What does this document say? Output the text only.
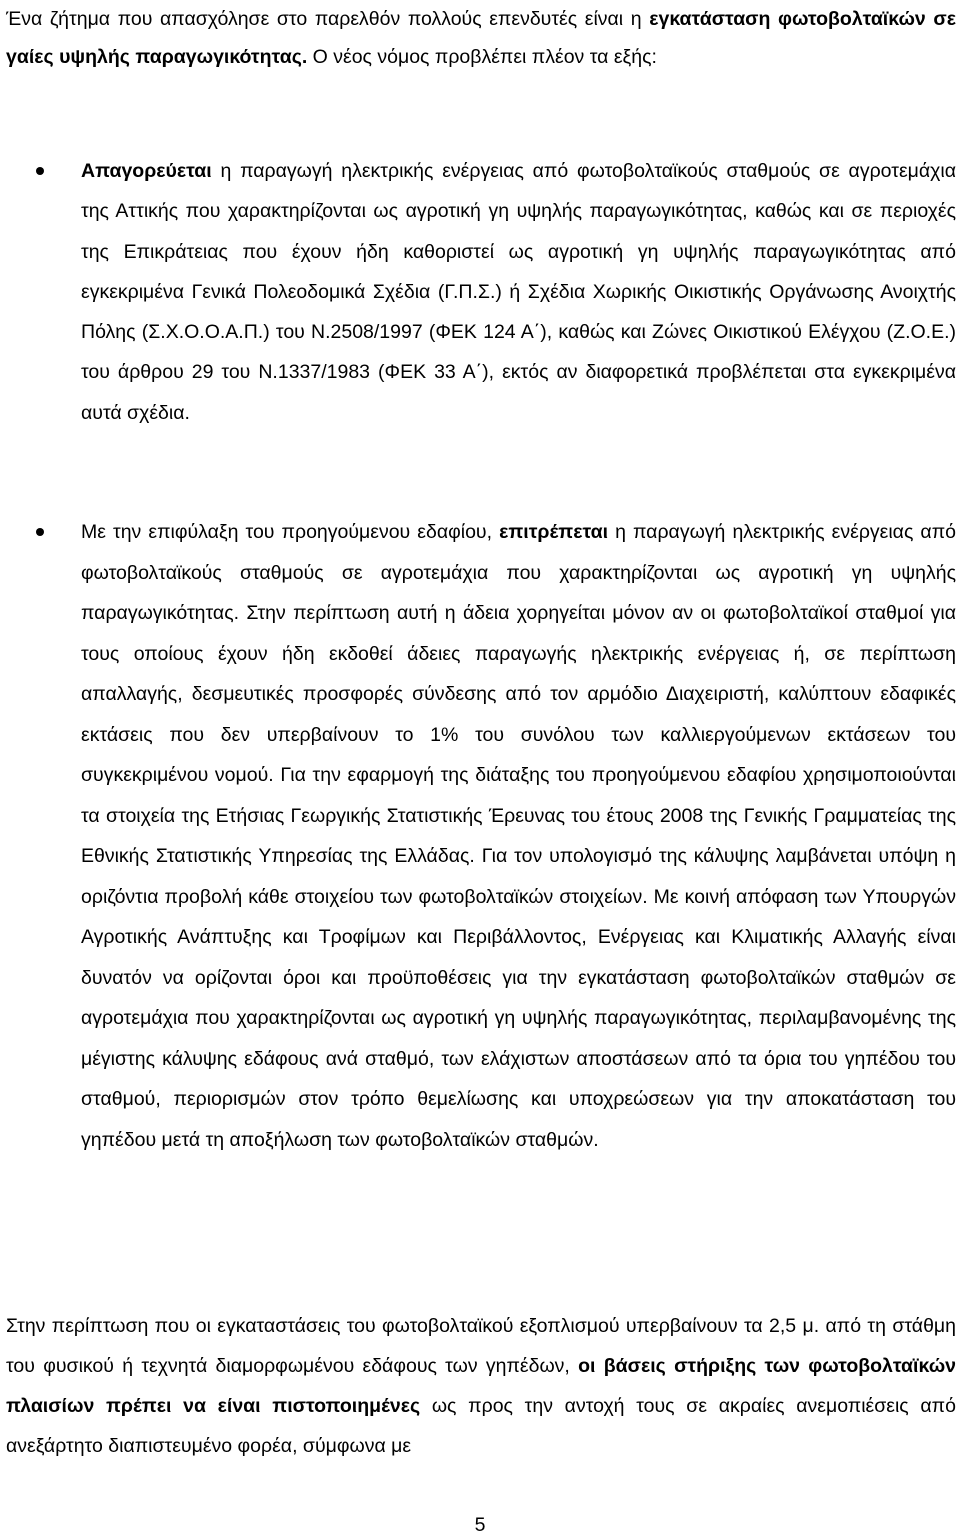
Ένα ζήτημα που απασχόλησε στο παρελθόν πολλούς επενδυτές είναι η εγκατάσταση φωτοβολταϊκών σε γαίες υψηλής παραγωγικότητας. Ο νέος νόμος προβλέπει πλέον τα εξής:

Απαγορεύεται η παραγωγή ηλεκτρικής ενέργειας από φωτοβολταϊκούς σταθμούς σε αγροτεμάχια της Αττικής που χαρακτηρίζονται ως αγροτική γη υψηλής παραγωγικότητας, καθώς και σε περιοχές της Επικράτειας που έχουν ήδη καθοριστεί ως αγροτική γη υψηλής παραγωγικότητας από εγκεκριμένα Γενικά Πολεοδομικά Σχέδια (Γ.Π.Σ.) ή Σχέδια Χωρικής Οικιστικής Οργάνωσης Ανοιχτής Πόλης (Σ.Χ.Ο.Ο.Α.Π.) του Ν.2508/1997 (ΦΕΚ 124 Α΄), καθώς και Ζώνες Οικιστικού Ελέγχου (Ζ.Ο.Ε.) του άρθρου 29 του Ν.1337/1983 (ΦΕΚ 33 Α΄), εκτός αν διαφορετικά προβλέπεται στα εγκεκριμένα αυτά σχέδια.

Με την επιφύλαξη του προηγούμενου εδαφίου, επιτρέπεται η παραγωγή ηλεκτρικής ενέργειας από φωτοβολταϊκούς σταθμούς σε αγροτεμάχια που χαρακτηρίζονται ως αγροτική γη υψηλής παραγωγικότητας. Στην περίπτωση αυτή η άδεια χορηγείται μόνον αν οι φωτοβολταϊκοί σταθμοί για τους οποίους έχουν ήδη εκδοθεί άδειες παραγωγής ηλεκτρικής ενέργειας ή, σε περίπτωση απαλλαγής, δεσμευτικές προσφορές σύνδεσης από τον αρμόδιο Διαχειριστή, καλύπτουν εδαφικές εκτάσεις που δεν υπερβαίνουν το 1% του συνόλου των καλλιεργούμενων εκτάσεων του συγκεκριμένου νομού. Για την εφαρμογή της διάταξης του προηγούμενου εδαφίου χρησιμοποιούνται τα στοιχεία της Ετήσιας Γεωργικής Στατιστικής Έρευνας του έτους 2008 της Γενικής Γραμματείας της Εθνικής Στατιστικής Υπηρεσίας της Ελλάδας. Για τον υπολογισμό της κάλυψης λαμβάνεται υπόψη η οριζόντια προβολή κάθε στοιχείου των φωτοβολταϊκών στοιχείων. Με κοινή απόφαση των Υπουργών Αγροτικής Ανάπτυξης και Τροφίμων και Περιβάλλοντος, Ενέργειας και Κλιματικής Αλλαγής είναι δυνατόν να ορίζονται όροι και προϋποθέσεις για την εγκατάσταση φωτοβολταϊκών σταθμών σε αγροτεμάχια που χαρακτηρίζονται ως αγροτική γη υψηλής παραγωγικότητας, περιλαμβανομένης της μέγιστης κάλυψης εδάφους ανά σταθμό, των ελάχιστων αποστάσεων από τα όρια του γηπέδου του σταθμού, περιορισμών στον τρόπο θεμελίωσης και υποχρεώσεων για την αποκατάσταση του γηπέδου μετά τη αποξήλωση των φωτοβολταϊκών σταθμών.

Στην περίπτωση που οι εγκαταστάσεις του φωτοβολταϊκού εξοπλισμού υπερβαίνουν τα 2,5 μ. από τη στάθμη του φυσικού ή τεχνητά διαμορφωμένου εδάφους των γηπέδων, οι βάσεις στήριξης των φωτοβολταϊκών πλαισίων πρέπει να είναι πιστοποιημένες ως προς την αντοχή τους σε ακραίες ανεμοπιέσεις από ανεξάρτητο διαπιστευμένο φορέα, σύμφωνα με

5
